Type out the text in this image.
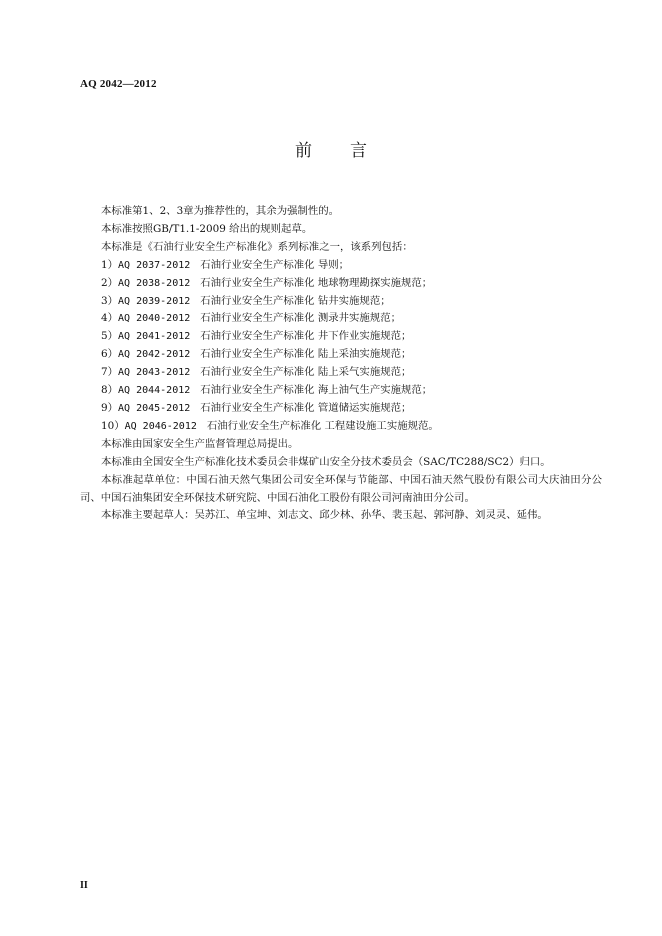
AQ 2042—2012
前 言
本标准第1、2、3章为推荐性的，其余为强制性的。
本标准按照GB/T1.1-2009 给出的规则起草。
本标准是《石油行业安全生产标准化》系列标准之一，该系列包括：
1）AQ 2037-2012 石油行业安全生产标准化 导则；
2）AQ 2038-2012 石油行业安全生产标准化 地球物理勘探实施规范；
3）AQ 2039-2012 石油行业安全生产标准化 钻井实施规范；
4）AQ 2040-2012 石油行业安全生产标准化 测录井实施规范；
5）AQ 2041-2012 石油行业安全生产标准化 井下作业实施规范；
6）AQ 2042-2012 石油行业安全生产标准化 陆上采油实施规范；
7）AQ 2043-2012 石油行业安全生产标准化 陆上采气实施规范；
8）AQ 2044-2012 石油行业安全生产标准化 海上油气生产实施规范；
9）AQ 2045-2012 石油行业安全生产标准化 管道储运实施规范；
10）AQ 2046-2012 石油行业安全生产标准化 工程建设施工实施规范。
本标准由国家安全生产监督管理总局提出。
本标准由全国安全生产标准化技术委员会非煤矿山安全分技术委员会（SAC/TC288/SC2）归口。
本标准起草单位：中国石油天然气集团公司安全环保与节能部、中国石油天然气股份有限公司大庆油田分公司、中国石油集团安全环保技术研究院、中国石油化工股份有限公司河南油田分公司。
本标准主要起草人：吴苏江、单宝坤、刘志文、邱少林、孙华、裴玉起、郭河静、刘灵灵、延伟。
II
